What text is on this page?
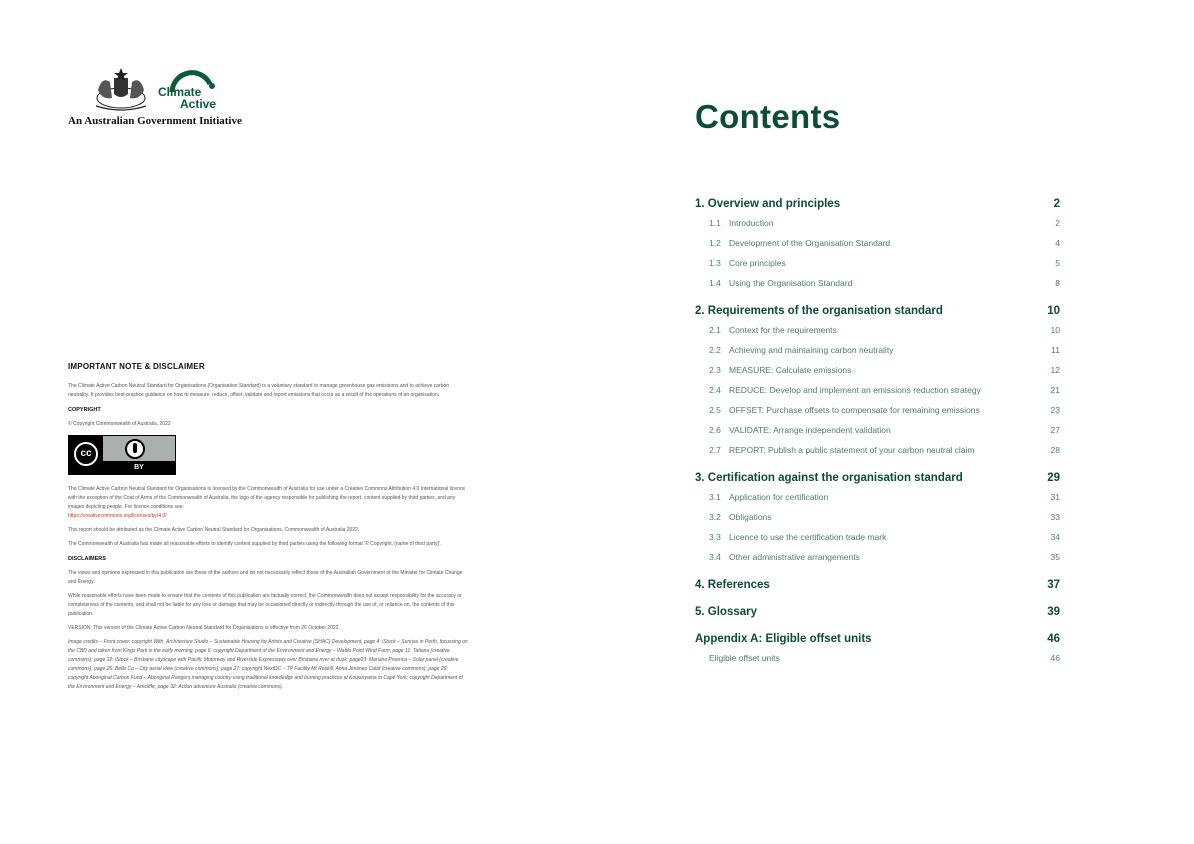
Climate
Active
An Australian Government Initiative
IMPORTANT NOTE & DISCLAIMER

The Climate Active Carbon Neutral Standard for Organisations (Organisation Standard) is a voluntary standard to manage greenhouse gas emissions and to achieve carbon neutrality. It provides best-practice guidance on how to measure, reduce, offset, validate and report emissions that occur as a result of the operations of an organisation.

COPYRIGHT

© Copyright Commonwealth of Australia, 2022

cc
BY

The Climate Active Carbon Neutral Standard for Organisations is licensed by the Commonwealth of Australia for use under a Creative Commons Attribution 4.0 International licence with the exception of the Coat of Arms of the Commonwealth of Australia, the logo of the agency responsible for publishing the report, content supplied by third parties, and any images depicting people. For licence conditions see:
https://creativecommons.org/licenses/by/4.0/

This report should be attributed as the Climate Active Carbon Neutral Standard for Organisations, Commonwealth of Australia 2022.

The Commonwealth of Australia has made all reasonable efforts to identify content supplied by third parties using the following format '© Copyright, [name of third party]'.

DISCLAIMERS

The views and opinions expressed in this publication are those of the authors and do not necessarily reflect those of the Australian Government or the Minister for Climate Change and Energy.

While reasonable efforts have been made to ensure that the contents of this publication are factually correct, the Commonwealth does not accept responsibility for the accuracy or completeness of the contents, and shall not be liable for any loss or damage that may be occasioned directly or indirectly through the use of, or reliance on, the contents of this publication.

VERSION: This version of the Climate Active Carbon Neutral Standard for Organisations is effective from 26 October 2022.

Image credits – Front cover: copyright With_Architecture Studio – Sustainable Housing for Artists and Creative (SHAC) Development, page 4: iStock – Sunrise in Perth, focussing on the CBD and taken from Kings Park in the early morning, page 6: copyright Department of the Environment and Energy – Wattle Point Wind Farm; page 11: Tatiana (creative commons); page 12: iStock – Brisbane cityscape with Pacific Motorway and Riverside Expressway over Brisbane river at dusk; page23: Mariana Proenca – Solar panel (creative commons); page 26: Belle Co – City aerial view (creative commons); page 27: copyright NextDC – TP Facility Mt Roskill; Anna Jiménez Calaf (creative commons); page 29: copyright Aboriginal Carbon Fund – Aboriginal Rangers managing country using traditional knowledge and burning practices at Kowanyama in Cape York; copyright Department of the Environment and Energy – Arncliffe; page 32: Action adventure Australia (creative commons).

Contents
1. Overview and principles	2
1.1 Introduction	2
1.2 Development of the Organisation Standard	4
1.3 Core principles	5
1.4 Using the Organisation Standard	8
2. Requirements of the organisation standard	10
2.1 Context for the requirements	10
2.2 Achieving and maintaining carbon neutrality	11
2.3 MEASURE: Calculate emissions	12
2.4 REDUCE: Develop and implement an emissions reduction strategy	21
2.5 OFFSET: Purchase offsets to compensate for remaining emissions	23
2.6 VALIDATE: Arrange independent validation	27
2.7 REPORT: Publish a public statement of your carbon neutral claim	28
3. Certification against the organisation standard	29
3.1 Application for certification	31
3.2 Obligations	33
3.3 Licence to use the certification trade mark	34
3.4 Other administrative arrangements	35
4. References	37
5. Glossary	39
Appendix A: Eligible offset units	46
Eligible offset units	46
